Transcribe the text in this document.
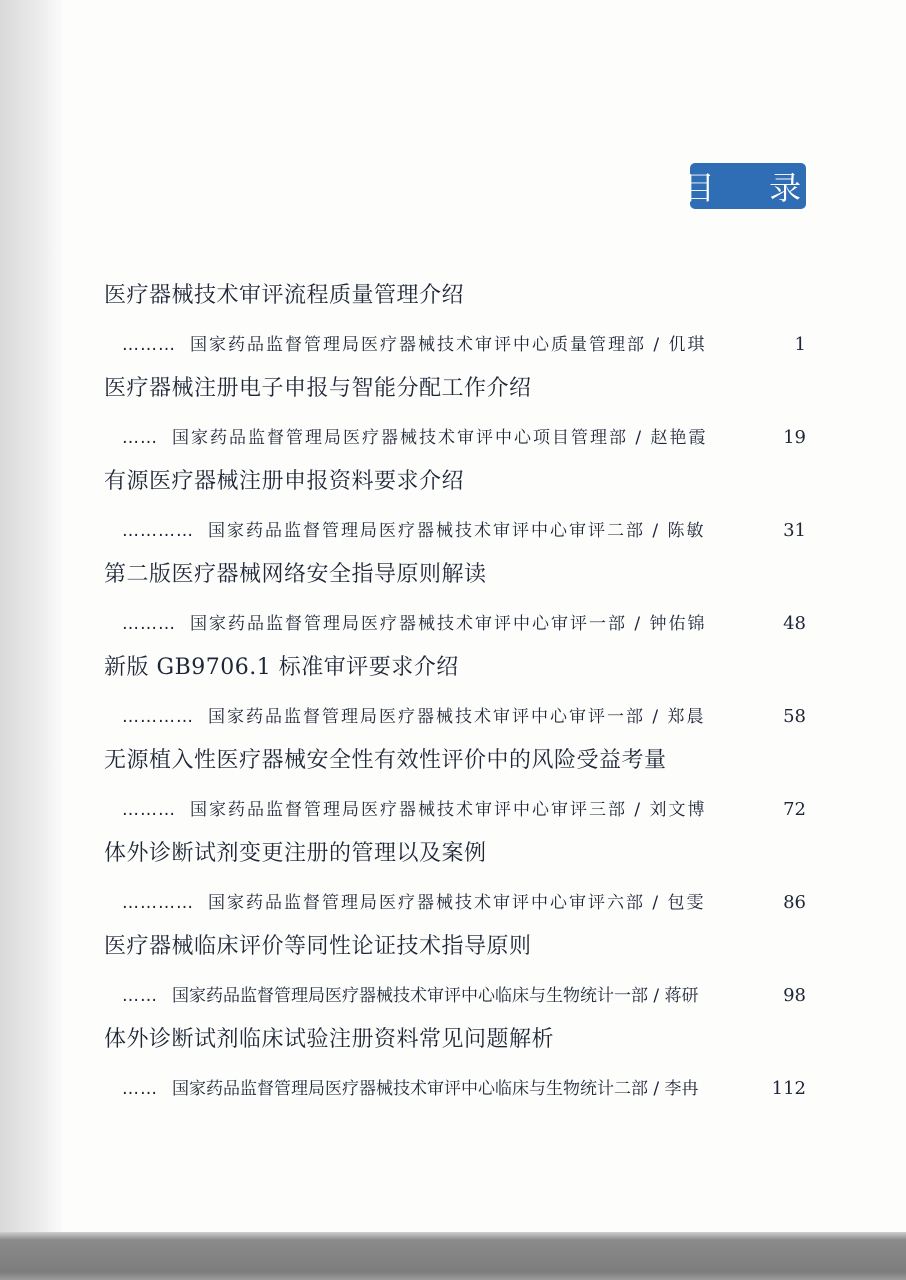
目 录
医疗器械技术审评流程质量管理介绍
……… 国家药品监督管理局医疗器械技术审评中心质量管理部 / 仉琪	1
医疗器械注册电子申报与智能分配工作介绍
…… 国家药品监督管理局医疗器械技术审评中心项目管理部 / 赵艳霞	19
有源医疗器械注册申报资料要求介绍
………… 国家药品监督管理局医疗器械技术审评中心审评二部 / 陈敏	31
第二版医疗器械网络安全指导原则解读
……… 国家药品监督管理局医疗器械技术审评中心审评一部 / 钟佑锦	48
新版 GB9706.1 标准审评要求介绍
………… 国家药品监督管理局医疗器械技术审评中心审评一部 / 郑晨	58
无源植入性医疗器械安全性有效性评价中的风险受益考量
……… 国家药品监督管理局医疗器械技术审评中心审评三部 / 刘文博	72
体外诊断试剂变更注册的管理以及案例
………… 国家药品监督管理局医疗器械技术审评中心审评六部 / 包雯	86
医疗器械临床评价等同性论证技术指导原则
…… 国家药品监督管理局医疗器械技术审评中心临床与生物统计一部 / 蒋研	98
体外诊断试剂临床试验注册资料常见问题解析
…… 国家药品监督管理局医疗器械技术审评中心临床与生物统计二部 / 李冉	112
